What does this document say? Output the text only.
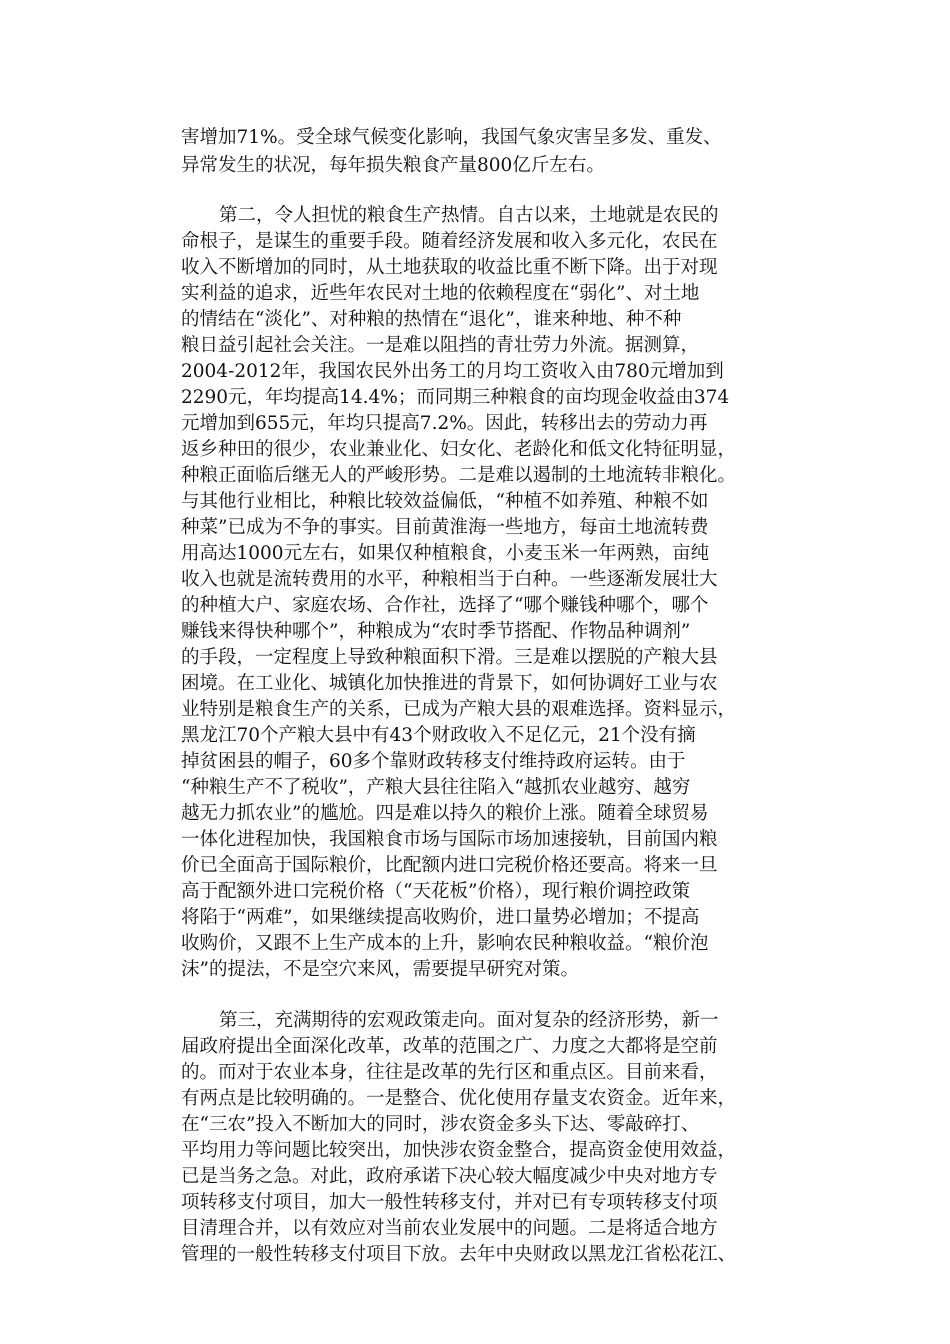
害增加71%。受全球气候变化影响，我国气象灾害呈多发、重发、
异常发生的状况，每年损失粮食产量800亿斤左右。
第二，令人担忧的粮食生产热情。自古以来，土地就是农民的
命根子，是谋生的重要手段。随着经济发展和收入多元化，农民在
收入不断增加的同时，从土地获取的收益比重不断下降。出于对现
实利益的追求，近些年农民对土地的依赖程度在“弱化”、对土地
的情结在“淡化”、对种粮的热情在“退化”，谁来种地、种不种
粮日益引起社会关注。一是难以阻挡的青壮劳力外流。据测算，
2004-2012年，我国农民外出务工的月均工资收入由780元增加到
2290元，年均提高14.4%；而同期三种粮食的亩均现金收益由374
元增加到655元，年均只提高7.2%。因此，转移出去的劳动力再
返乡种田的很少，农业兼业化、妇女化、老龄化和低文化特征明显，
种粮正面临后继无人的严峻形势。二是难以遏制的土地流转非粮化。
与其他行业相比，种粮比较效益偏低，“种植不如养殖、种粮不如
种菜”已成为不争的事实。目前黄淮海一些地方，每亩土地流转费
用高达1000元左右，如果仅种植粮食，小麦玉米一年两熟，亩纯
收入也就是流转费用的水平，种粮相当于白种。一些逐渐发展壮大
的种植大户、家庭农场、合作社，选择了“哪个赚钱种哪个，哪个
赚钱来得快种哪个”，种粮成为“农时季节搭配、作物品种调剂”
的手段，一定程度上导致种粮面积下滑。三是难以摆脱的产粮大县
困境。在工业化、城镇化加快推进的背景下，如何协调好工业与农
业特别是粮食生产的关系，已成为产粮大县的艰难选择。资料显示，
黑龙江70个产粮大县中有43个财政收入不足亿元，21个没有摘
掉贫困县的帽子，60多个靠财政转移支付维持政府运转。由于
“种粮生产不了税收”，产粮大县往往陷入“越抓农业越穷、越穷
越无力抓农业”的尴尬。四是难以持久的粮价上涨。随着全球贸易
一体化进程加快，我国粮食市场与国际市场加速接轨，目前国内粮
价已全面高于国际粮价，比配额内进口完税价格还要高。将来一旦
高于配额外进口完税价格（“天花板”价格），现行粮价调控政策
将陷于“两难”，如果继续提高收购价，进口量势必增加；不提高
收购价，又跟不上生产成本的上升，影响农民种粮收益。“粮价泡
沫”的提法，不是空穴来风，需要提早研究对策。
第三，充满期待的宏观政策走向。面对复杂的经济形势，新一
届政府提出全面深化改革，改革的范围之广、力度之大都将是空前
的。而对于农业本身，往往是改革的先行区和重点区。目前来看，
有两点是比较明确的。一是整合、优化使用存量支农资金。近年来，
在“三农”投入不断加大的同时，涉农资金多头下达、零敲碎打、
平均用力等问题比较突出，加快涉农资金整合，提高资金使用效益，
已是当务之急。对此，政府承诺下决心较大幅度减少中央对地方专
项转移支付项目，加大一般性转移支付，并对已有专项转移支付项
目清理合并，以有效应对当前农业发展中的问题。二是将适合地方
管理的一般性转移支付项目下放。去年中央财政以黑龙江省松花江、
